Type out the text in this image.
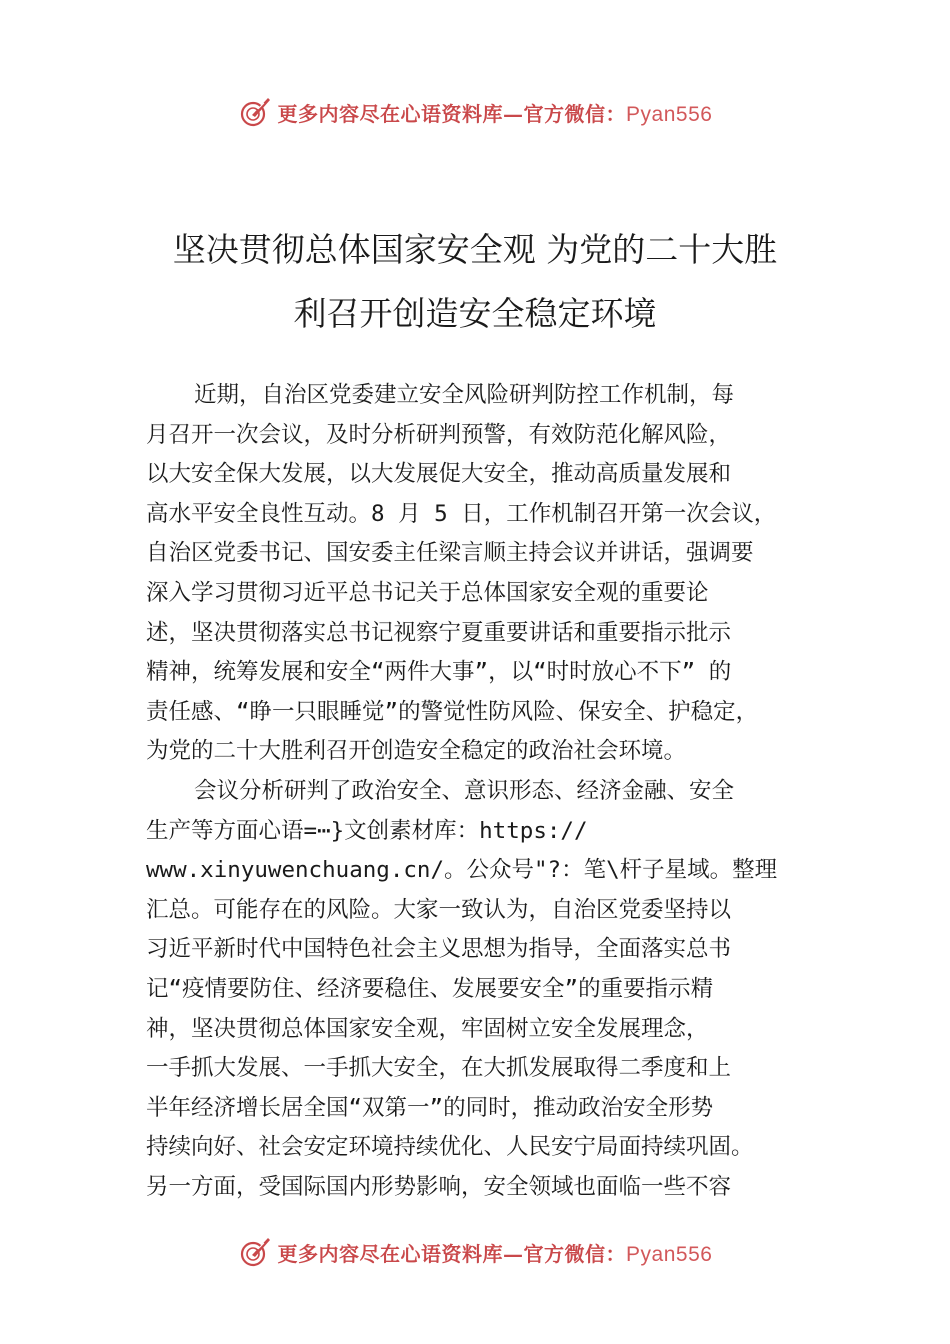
更多内容尽在心语资料库—官方微信：Pyan556
坚决贯彻总体国家安全观 为党的二十大胜
利召开创造安全稳定环境
近期，自治区党委建立安全风险研判防控工作机制，每
月召开一次会议，及时分析研判预警，有效防范化解风险，
以大安全保大发展，以大发展促大安全，推动高质量发展和
高水平安全良性互动。8 月 5 日，工作机制召开第一次会议，
自治区党委书记、国安委主任梁言顺主持会议并讲话，强调要
深入学习贯彻习近平总书记关于总体国家安全观的重要论
述，坚决贯彻落实总书记视察宁夏重要讲话和重要指示批示
精神，统筹发展和安全“两件大事”，以“时时放心不下” 的
责任感、“睁一只眼睡觉”的警觉性防风险、保安全、护稳定，
为党的二十大胜利召开创造安全稳定的政治社会环境。
会议分析研判了政治安全、意识形态、经济金融、安全
生产等方面心语=⋯}文创素材库：https://
www.xinyuwenchuang.cn/。公众号"?：笔\杆子星域。整理
汇总。可能存在的风险。大家一致认为，自治区党委坚持以
习近平新时代中国特色社会主义思想为指导，全面落实总书
记“疫情要防住、经济要稳住、发展要安全”的重要指示精
神，坚决贯彻总体国家安全观，牢固树立安全发展理念，
一手抓大发展、一手抓大安全，在大抓发展取得二季度和上
半年经济增长居全国“双第一”的同时，推动政治安全形势
持续向好、社会安定环境持续优化、人民安宁局面持续巩固。
另一方面，受国际国内形势影响，安全领域也面临一些不容
更多内容尽在心语资料库—官方微信：Pyan556
